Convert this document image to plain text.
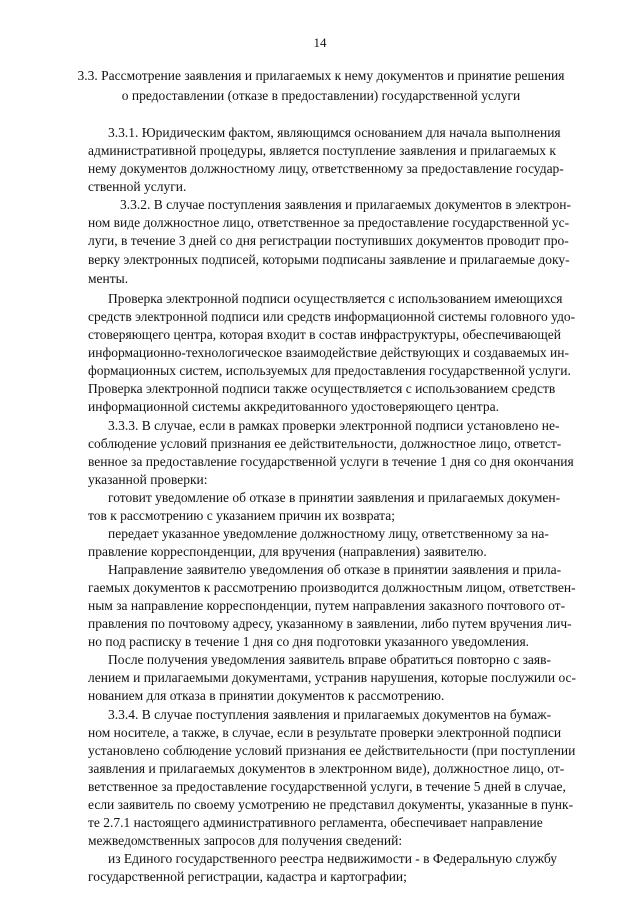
14
3.3. Рассмотрение заявления и прилагаемых к нему документов и принятие решения
о предоставлении (отказе в предоставлении) государственной услуги
3.3.1. Юридическим фактом, являющимся основанием для начала выполнения
административной процедуры, является поступление заявления и прилагаемых к
нему документов должностному лицу, ответственному за предоставление государ-
ственной услуги.
3.3.2. В случае поступления заявления и прилагаемых документов в электрон-
ном виде должностное лицо, ответственное за предоставление государственной ус-
луги, в течение 3 дней со дня регистрации поступивших документов проводит про-
верку электронных подписей, которыми подписаны заявление и прилагаемые доку-
менты.
Проверка электронной подписи осуществляется с использованием имеющихся
средств электронной подписи или средств информационной системы головного удо-
стоверяющего центра, которая входит в состав инфраструктуры, обеспечивающей
информационно-технологическое взаимодействие действующих и создаваемых ин-
формационных систем, используемых для предоставления государственной услуги.
Проверка электронной подписи также осуществляется с использованием средств
информационной системы аккредитованного удостоверяющего центра.
3.3.3. В случае, если в рамках проверки электронной подписи установлено не-
соблюдение условий признания ее действительности, должностное лицо, ответст-
венное за предоставление государственной услуги в течение 1 дня со дня окончания
указанной проверки:
готовит уведомление об отказе в принятии заявления и прилагаемых докумен-
тов к рассмотрению с указанием причин их возврата;
передает указанное уведомление должностному лицу, ответственному за на-
правление корреспонденции, для вручения (направления) заявителю.
Направление заявителю уведомления об отказе в принятии заявления и прила-
гаемых документов к рассмотрению производится должностным лицом, ответствен-
ным за направление корреспонденции, путем направления заказного почтового от-
правления по почтовому адресу, указанному в заявлении, либо путем вручения лич-
но под расписку в течение 1 дня со дня подготовки указанного уведомления.
После получения уведомления заявитель вправе обратиться повторно с заяв-
лением и прилагаемыми документами, устранив нарушения, которые послужили ос-
нованием для отказа в принятии документов к рассмотрению.
3.3.4. В случае поступления заявления и прилагаемых документов на бумаж-
ном носителе, а также, в случае, если в результате проверки электронной подписи
установлено соблюдение условий признания ее действительности (при поступлении
заявления и прилагаемых документов в электронном виде), должностное лицо, от-
ветственное за предоставление государственной услуги, в течение 5 дней в случае,
если заявитель по своему усмотрению не представил документы, указанные в пунк-
те 2.7.1 настоящего административного регламента, обеспечивает направление
межведомственных запросов для получения сведений:
из Единого государственного реестра недвижимости - в Федеральную службу
государственной регистрации, кадастра и картографии;
